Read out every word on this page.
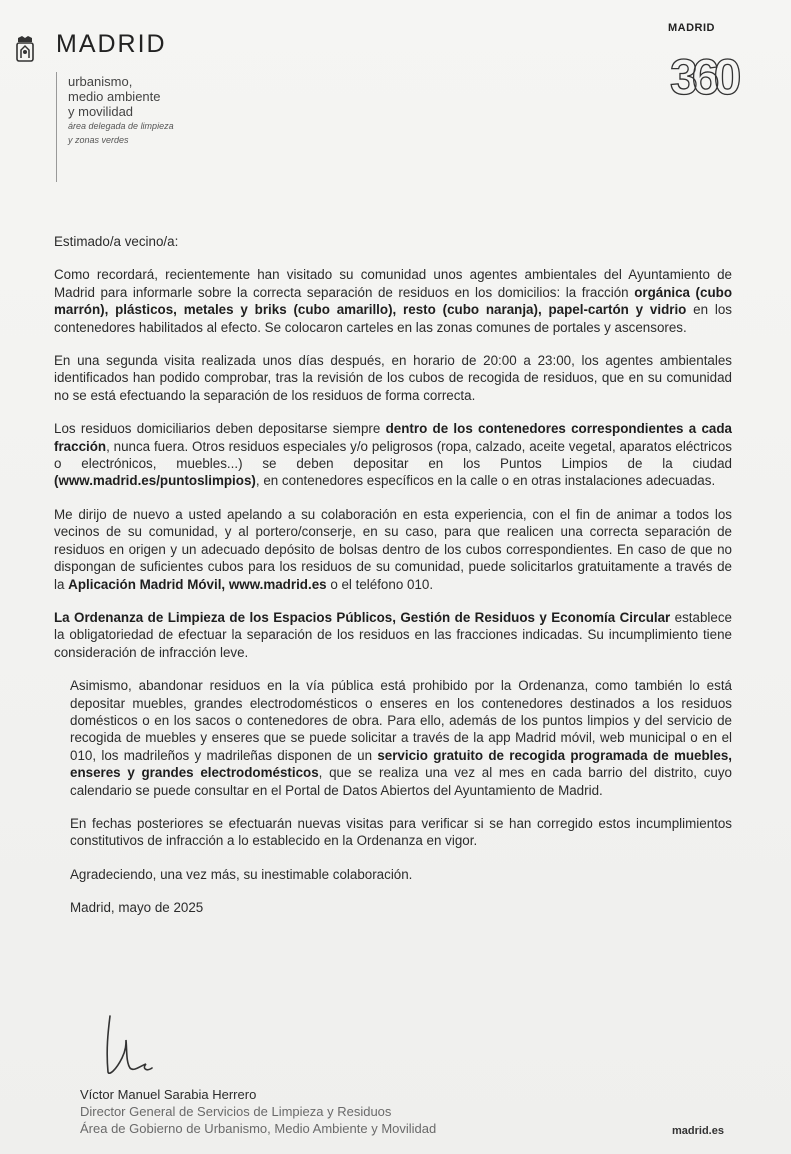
MADRID
urbanismo,
medio ambiente
y movilidad
área delegada de limpieza
y zonas verdes
MADRID
360

Estimado/a vecino/a:

Como recordará, recientemente han visitado su comunidad unos agentes ambientales del Ayuntamiento de Madrid para informarle sobre la correcta separación de residuos en los domicilios: la fracción orgánica (cubo marrón), plásticos, metales y briks (cubo amarillo), resto (cubo naranja), papel-cartón y vidrio en los contenedores habilitados al efecto. Se colocaron carteles en las zonas comunes de portales y ascensores.

En una segunda visita realizada unos días después, en horario de 20:00 a 23:00, los agentes ambientales identificados han podido comprobar, tras la revisión de los cubos de recogida de residuos, que en su comunidad no se está efectuando la separación de los residuos de forma correcta.

Los residuos domiciliarios deben depositarse siempre dentro de los contenedores correspondientes a cada fracción, nunca fuera. Otros residuos especiales y/o peligrosos (ropa, calzado, aceite vegetal, aparatos eléctricos o electrónicos, muebles...) se deben depositar en los Puntos Limpios de la ciudad (www.madrid.es/puntoslimpios), en contenedores específicos en la calle o en otras instalaciones adecuadas.

Me dirijo de nuevo a usted apelando a su colaboración en esta experiencia, con el fin de animar a todos los vecinos de su comunidad, y al portero/conserje, en su caso, para que realicen una correcta separación de residuos en origen y un adecuado depósito de bolsas dentro de los cubos correspondientes. En caso de que no dispongan de suficientes cubos para los residuos de su comunidad, puede solicitarlos gratuitamente a través de la Aplicación Madrid Móvil, www.madrid.es o el teléfono 010.

La Ordenanza de Limpieza de los Espacios Públicos, Gestión de Residuos y Economía Circular establece la obligatoriedad de efectuar la separación de los residuos en las fracciones indicadas. Su incumplimiento tiene consideración de infracción leve.

Asimismo, abandonar residuos en la vía pública está prohibido por la Ordenanza, como también lo está depositar muebles, grandes electrodomésticos o enseres en los contenedores destinados a los residuos domésticos o en los sacos o contenedores de obra. Para ello, además de los puntos limpios y del servicio de recogida de muebles y enseres que se puede solicitar a través de la app Madrid móvil, web municipal o en el 010, los madrileños y madrileñas disponen de un servicio gratuito de recogida programada de muebles, enseres y grandes electrodomésticos, que se realiza una vez al mes en cada barrio del distrito, cuyo calendario se puede consultar en el Portal de Datos Abiertos del Ayuntamiento de Madrid.

En fechas posteriores se efectuarán nuevas visitas para verificar si se han corregido estos incumplimientos constitutivos de infracción a lo establecido en la Ordenanza en vigor.

Agradeciendo, una vez más, su inestimable colaboración.

Madrid, mayo de 2025

Víctor Manuel Sarabia Herrero
Director General de Servicios de Limpieza y Residuos
Área de Gobierno de Urbanismo, Medio Ambiente y Movilidad	madrid.es
